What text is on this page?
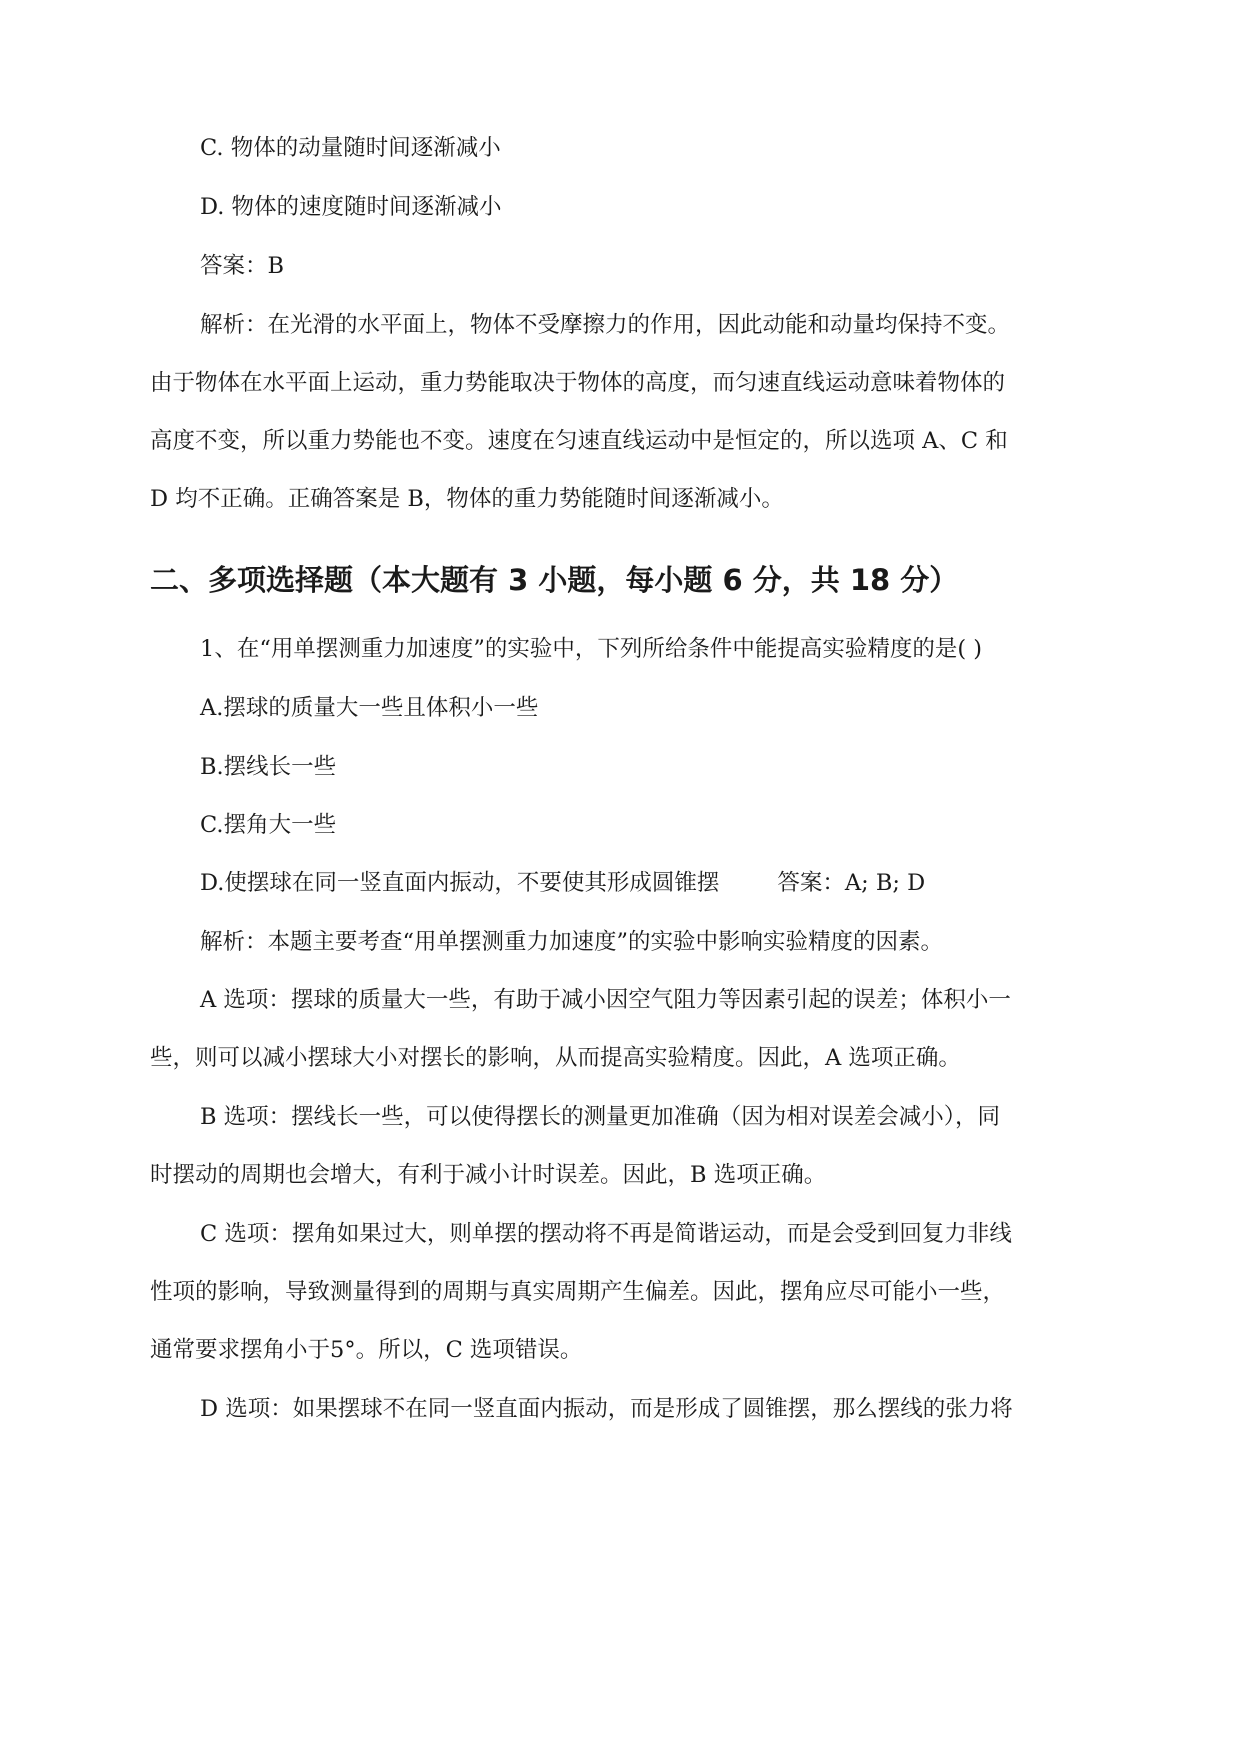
C. 物体的动量随时间逐渐减小
D. 物体的速度随时间逐渐减小
答案：B
解析：在光滑的水平面上，物体不受摩擦力的作用，因此动能和动量均保持不变。
由于物体在水平面上运动，重力势能取决于物体的高度，而匀速直线运动意味着物体的
高度不变，所以重力势能也不变。速度在匀速直线运动中是恒定的，所以选项 A、C 和
D 均不正确。正确答案是 B，物体的重力势能随时间逐渐减小。
二、多项选择题（本大题有 3 小题，每小题 6 分，共 18 分）
1、在“用单摆测重力加速度”的实验中，下列所给条件中能提高实验精度的是( )
A.摆球的质量大一些且体积小一些
B.摆线长一些
C.摆角大一些
D.使摆球在同一竖直面内振动，不要使其形成圆锥摆	答案：A; B; D
解析：本题主要考查“用单摆测重力加速度”的实验中影响实验精度的因素。
A 选项：摆球的质量大一些，有助于减小因空气阻力等因素引起的误差；体积小一
些，则可以减小摆球大小对摆长的影响，从而提高实验精度。因此，A 选项正确。
B 选项：摆线长一些，可以使得摆长的测量更加准确（因为相对误差会减小），同
时摆动的周期也会增大，有利于减小计时误差。因此，B 选项正确。
C 选项：摆角如果过大，则单摆的摆动将不再是简谐运动，而是会受到回复力非线
性项的影响，导致测量得到的周期与真实周期产生偏差。因此，摆角应尽可能小一些，
通常要求摆角小于5°。所以，C 选项错误。
D 选项：如果摆球不在同一竖直面内振动，而是形成了圆锥摆，那么摆线的张力将
